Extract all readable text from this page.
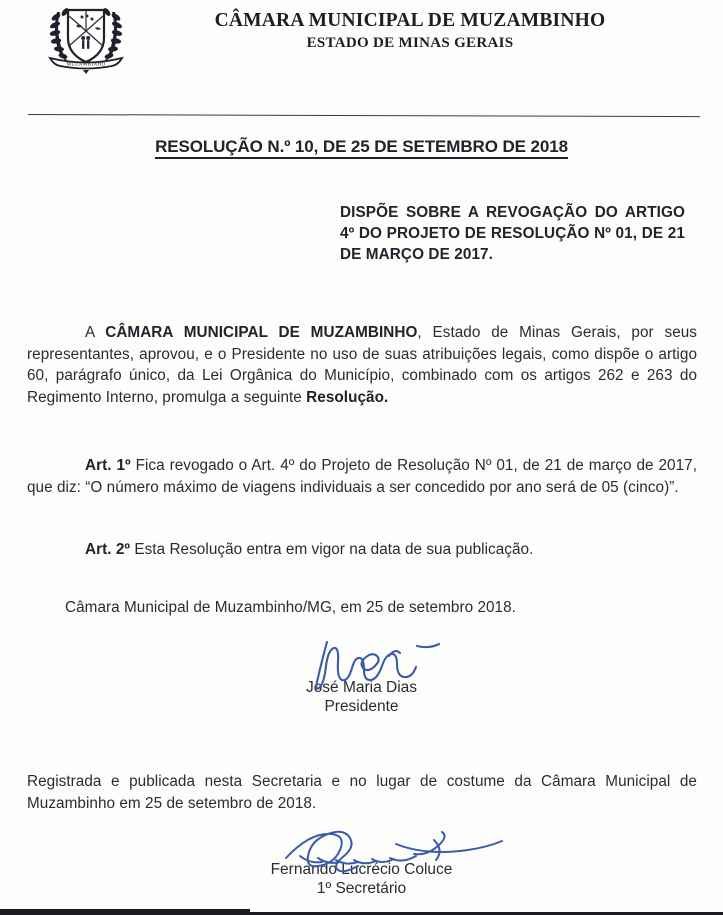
MUZAMBINHO
CÂMARA MUNICIPAL DE MUZAMBINHO
ESTADO DE MINAS GERAIS
RESOLUÇÃO N.º 10, DE 25 DE SETEMBRO DE 2018
DISPÕE SOBRE A REVOGAÇÃO DO ARTIGO 4º DO PROJETO DE RESOLUÇÃO Nº 01, DE 21 DE MARÇO DE 2017.

A CÂMARA MUNICIPAL DE MUZAMBINHO, Estado de Minas Gerais, por seus representantes, aprovou, e o Presidente no uso de suas atribuições legais, como dispõe o artigo 60, parágrafo único, da Lei Orgânica do Município, combinado com os artigos 262 e 263 do Regimento Interno, promulga a seguinte Resolução.

Art. 1º Fica revogado o Art. 4º do Projeto de Resolução Nº 01, de 21 de março de 2017, que diz: “O número máximo de viagens individuais a ser concedido por ano será de 05 (cinco)”.

Art. 2º Esta Resolução entra em vigor na data de sua publicação.

Câmara Municipal de Muzambinho/MG, em 25 de setembro 2018.

José Maria Dias
Presidente

Registrada e publicada nesta Secretaria e no lugar de costume da Câmara Municipal de Muzambinho em 25 de setembro de 2018.

Fernando Lucrécio Coluce
1º Secretário
